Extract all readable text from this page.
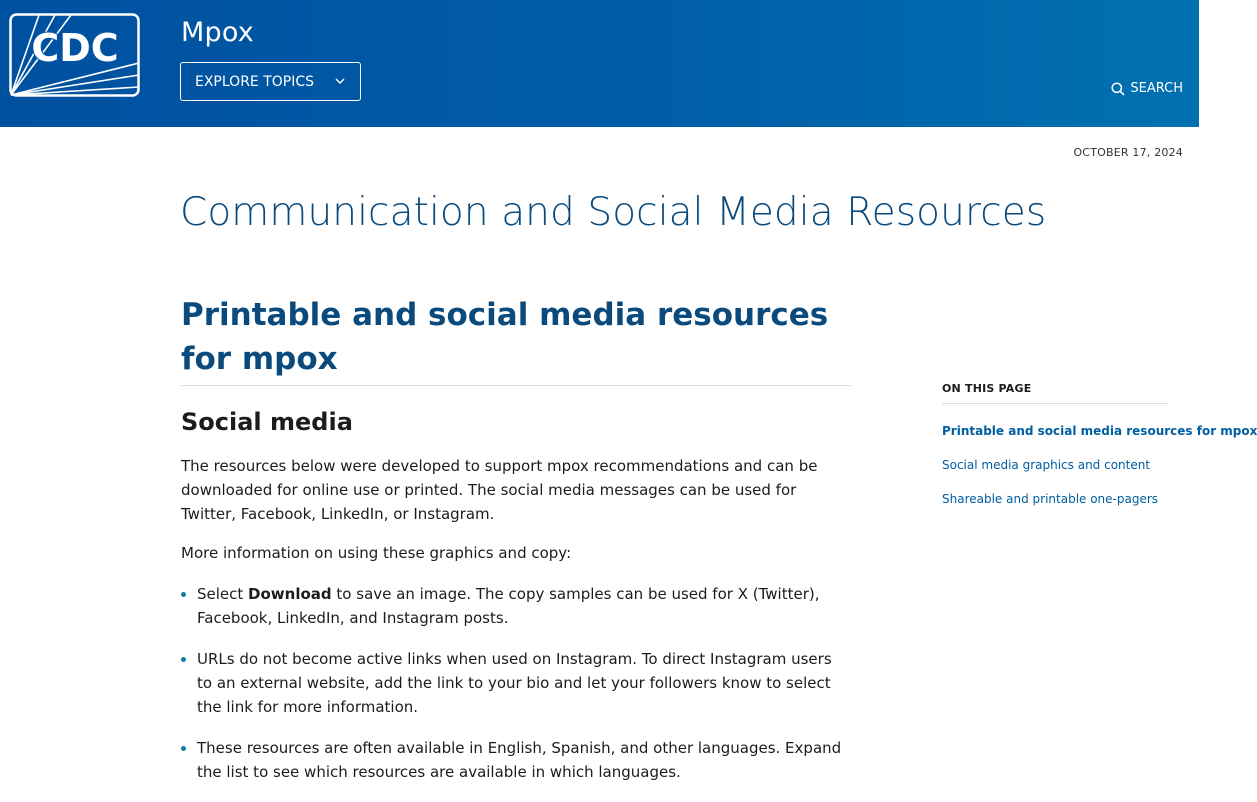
CDC Mpox
EXPLORE TOPICS	SEARCH
OCTOBER 17, 2024
Communication and Social Media Resources
Printable and social media resources for mpox
Social media

The resources below were developed to support mpox recommendations and can be downloaded for online use or printed. The social media messages can be used for Twitter, Facebook, LinkedIn, or Instagram.

More information on using these graphics and copy:

Select Download to save an image. The copy samples can be used for X (Twitter), Facebook, LinkedIn, and Instagram posts.
URLs do not become active links when used on Instagram. To direct Instagram users to an external website, add the link to your bio and let your followers know to select the link for more information.
These resources are often available in English, Spanish, and other languages. Expand the list to see which resources are available in which languages.
ON THIS PAGE
Printable and social media resources for mpox
Social media graphics and content
Shareable and printable one-pagers
